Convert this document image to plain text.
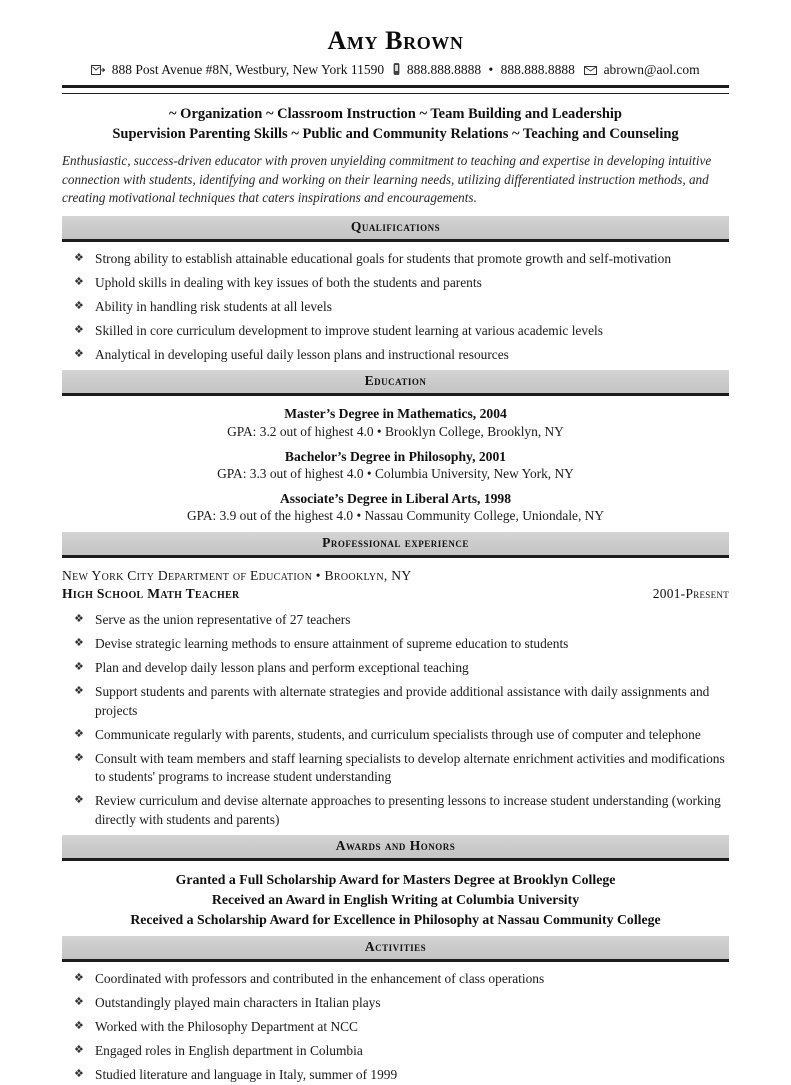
Amy Brown
888 Post Avenue #8N, Westbury, New York 11590 888.888.8888 • 888.888.8888 abrown@aol.com
~ Organization ~ Classroom Instruction ~ Team Building and Leadership
Supervision Parenting Skills ~ Public and Community Relations ~ Teaching and Counseling
Enthusiastic, success-driven educator with proven unyielding commitment to teaching and expertise in developing intuitive connection with students, identifying and working on their learning needs, utilizing differentiated instruction methods, and creating motivational techniques that caters inspirations and encouragements.
Qualifications
❖ Strong ability to establish attainable educational goals for students that promote growth and self-motivation
❖ Uphold skills in dealing with key issues of both the students and parents
❖ Ability in handling risk students at all levels
❖ Skilled in core curriculum development to improve student learning at various academic levels
❖ Analytical in developing useful daily lesson plans and instructional resources
Education
Master’s Degree in Mathematics, 2004
GPA: 3.2 out of highest 4.0 • Brooklyn College, Brooklyn, NY
Bachelor’s Degree in Philosophy, 2001
GPA: 3.3 out of highest 4.0 • Columbia University, New York, NY
Associate’s Degree in Liberal Arts, 1998
GPA: 3.9 out of the highest 4.0 • Nassau Community College, Uniondale, NY
Professional experience
New York City Department of Education • Brooklyn, NY
High School Math Teacher	2001-Present
❖ Serve as the union representative of 27 teachers
❖ Devise strategic learning methods to ensure attainment of supreme education to students
❖ Plan and develop daily lesson plans and perform exceptional teaching
❖ Support students and parents with alternate strategies and provide additional assistance with daily assignments and projects
❖ Communicate regularly with parents, students, and curriculum specialists through use of computer and telephone
❖ Consult with team members and staff learning specialists to develop alternate enrichment activities and modifications to students' programs to increase student understanding
❖ Review curriculum and devise alternate approaches to presenting lessons to increase student understanding (working directly with students and parents)
Awards and Honors
Granted a Full Scholarship Award for Masters Degree at Brooklyn College
Received an Award in English Writing at Columbia University
Received a Scholarship Award for Excellence in Philosophy at Nassau Community College
Activities
❖ Coordinated with professors and contributed in the enhancement of class operations
❖ Outstandingly played main characters in Italian plays
❖ Worked with the Philosophy Department at NCC
❖ Engaged roles in English department in Columbia
❖ Studied literature and language in Italy, summer of 1999
